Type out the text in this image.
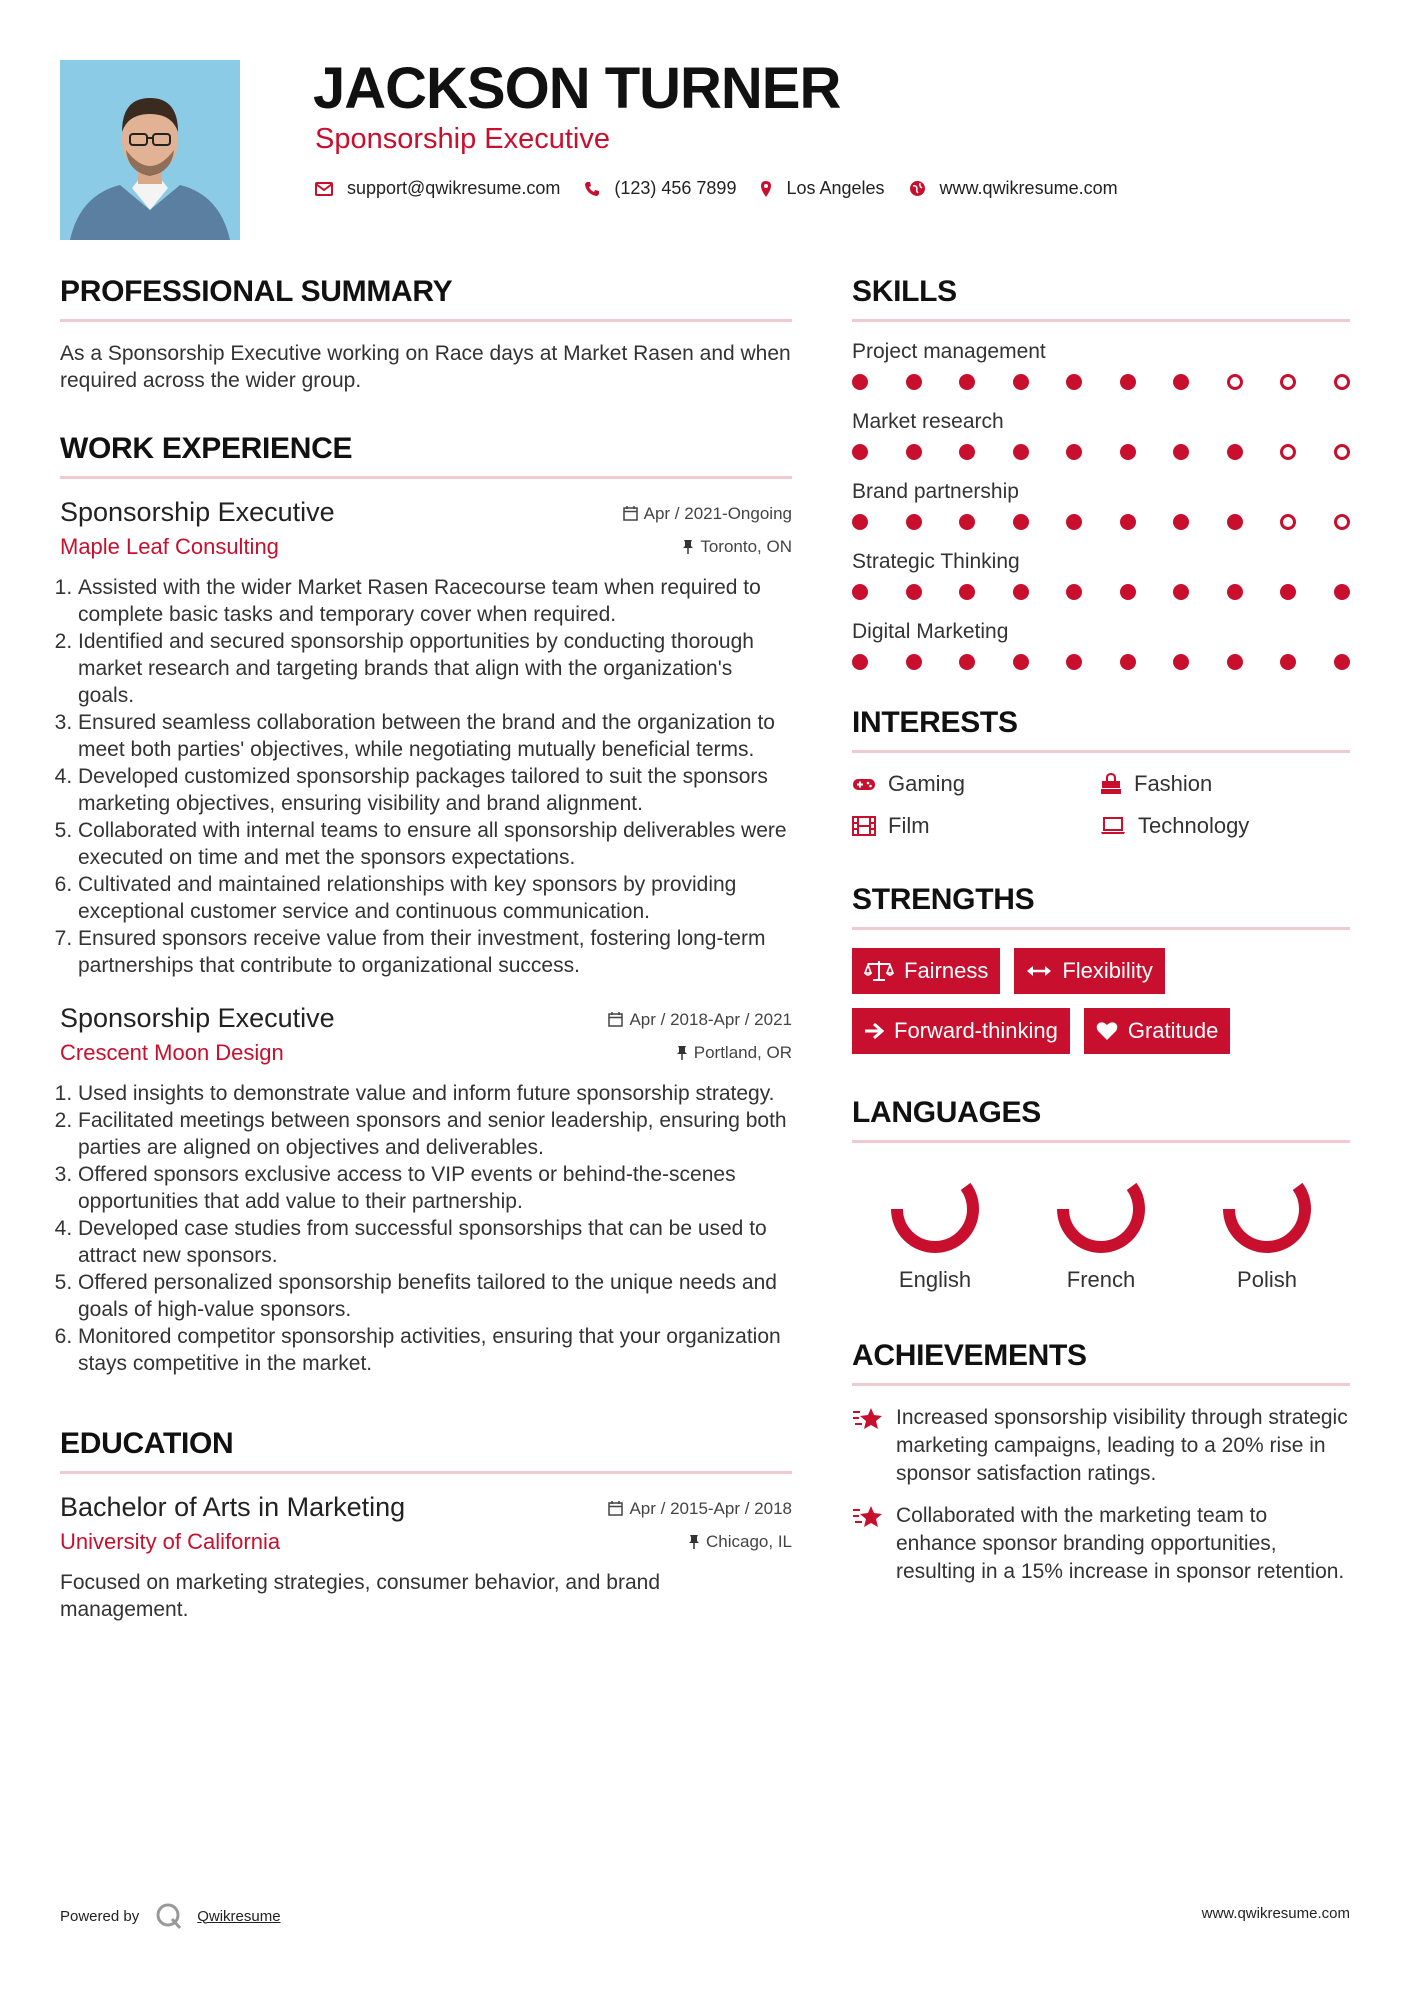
JACKSON TURNER
Sponsorship Executive
support@qwikresume.com	(123) 456 7899	Los Angeles	www.qwikresume.com
PROFESSIONAL SUMMARY
As a Sponsorship Executive working on Race days at Market Rasen and when required across the wider group.
WORK EXPERIENCE
Sponsorship Executive	Apr / 2021-Ongoing
Maple Leaf Consulting	Toronto, ON
1. Assisted with the wider Market Rasen Racecourse team when required to complete basic tasks and temporary cover when required.
2. Identified and secured sponsorship opportunities by conducting thorough market research and targeting brands that align with the organization's goals.
3. Ensured seamless collaboration between the brand and the organization to meet both parties' objectives, while negotiating mutually beneficial terms.
4. Developed customized sponsorship packages tailored to suit the sponsors marketing objectives, ensuring visibility and brand alignment.
5. Collaborated with internal teams to ensure all sponsorship deliverables were executed on time and met the sponsors expectations.
6. Cultivated and maintained relationships with key sponsors by providing exceptional customer service and continuous communication.
7. Ensured sponsors receive value from their investment, fostering long-term partnerships that contribute to organizational success.
Sponsorship Executive	Apr / 2018-Apr / 2021
Crescent Moon Design	Portland, OR
1. Used insights to demonstrate value and inform future sponsorship strategy.
2. Facilitated meetings between sponsors and senior leadership, ensuring both parties are aligned on objectives and deliverables.
3. Offered sponsors exclusive access to VIP events or behind-the-scenes opportunities that add value to their partnership.
4. Developed case studies from successful sponsorships that can be used to attract new sponsors.
5. Offered personalized sponsorship benefits tailored to the unique needs and goals of high-value sponsors.
6. Monitored competitor sponsorship activities, ensuring that your organization stays competitive in the market.
EDUCATION
Bachelor of Arts in Marketing	Apr / 2015-Apr / 2018
University of California	Chicago, IL
Focused on marketing strategies, consumer behavior, and brand management.
SKILLS
Project management
Market research
Brand partnership
Strategic Thinking
Digital Marketing
INTERESTS
Gaming	Fashion
Film	Technology
STRENGTHS
Fairness	Flexibility
Forward-thinking	Gratitude
LANGUAGES
English	French	Polish
ACHIEVEMENTS
Increased sponsorship visibility through strategic marketing campaigns, leading to a 20% rise in sponsor satisfaction ratings.
Collaborated with the marketing team to enhance sponsor branding opportunities, resulting in a 15% increase in sponsor retention.
Powered by	Qwikresume	www.qwikresume.com
